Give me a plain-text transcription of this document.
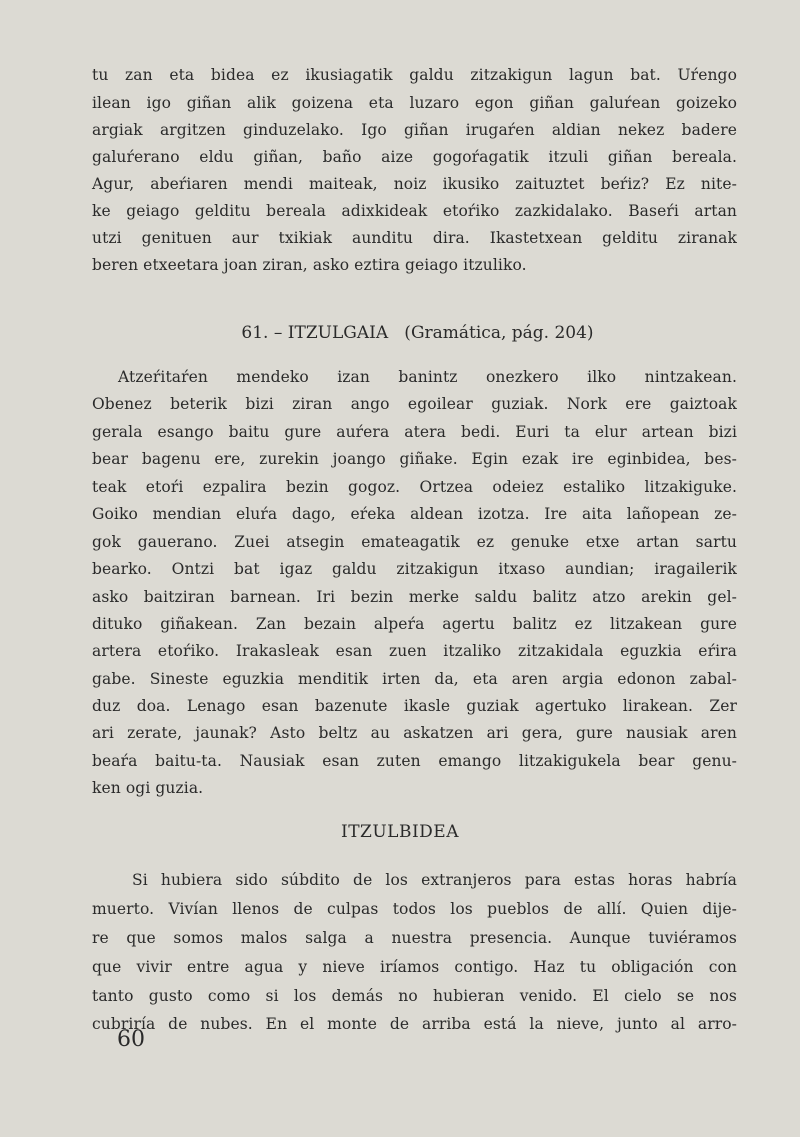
tu zan eta bidea ez ikusiagatik galdu zitzakigun lagun bat. Uŕengo
ilean igo giñan alik goizena eta luzaro egon giñan galuŕean goizeko
argiak argitzen ginduzelako. Igo giñan irugaŕen aldian nekez badere
galuŕerano eldu giñan, baño aize gogoŕagatik itzuli giñan bereala.
Agur, abeŕiaren mendi maiteak, noiz ikusiko zaituztet beŕiz? Ez nite-
ke geiago gelditu bereala adixkideak etoŕiko zazkidalako. Baseŕi artan
utzi genituen aur txikiak aunditu dira. Ikastetxean gelditu ziranak
beren etxeetara joan ziran, asko eztira geiago itzuliko.
61. – ITZULGAIA   (Gramática, pág. 204)
Atzeŕitaŕen mendeko izan banintz onezkero ilko nintzakean.
Obenez beterik bizi ziran ango egoilear guziak. Nork ere gaiztoak
gerala esango baitu gure auŕera atera bedi. Euri ta elur artean bizi
bear bagenu ere, zurekin joango giñake. Egin ezak ire eginbidea, bes-
teak etoŕi ezpalira bezin gogoz. Ortzea odeiez estaliko litzakiguke.
Goiko mendian eluŕa dago, eŕeka aldean izotza. Ire aita lañopean ze-
gok gauerano. Zuei atsegin emateagatik ez genuke etxe artan sartu
bearko. Ontzi bat igaz galdu zitzakigun itxaso aundian; iragailerik
asko baitziran barnean. Iri bezin merke saldu balitz atzo arekin gel-
dituko giñakean. Zan bezain alpeŕa agertu balitz ez litzakean gure
artera etoŕiko. Irakasleak esan zuen itzaliko zitzakidala eguzkia eŕira
gabe. Sineste eguzkia menditik irten da, eta aren argia edonon zabal-
duz doa. Lenago esan bazenute ikasle guziak agertuko lirakean. Zer
ari zerate, jaunak? Asto beltz au askatzen ari gera, gure nausiak aren
beaŕa baitu-ta. Nausiak esan zuten emango litzakigukela bear genu-
ken ogi guzia.
ITZULBIDEA
Si hubiera sido súbdito de los extranjeros para estas horas habría
muerto. Vivían llenos de culpas todos los pueblos de allí. Quien dije-
re que somos malos salga a nuestra presencia. Aunque tuviéramos
que vivir entre agua y nieve iríamos contigo. Haz tu obligación con
tanto gusto como si los demás no hubieran venido. El cielo se nos
cubriría de nubes. En el monte de arriba está la nieve, junto al arro-
60
